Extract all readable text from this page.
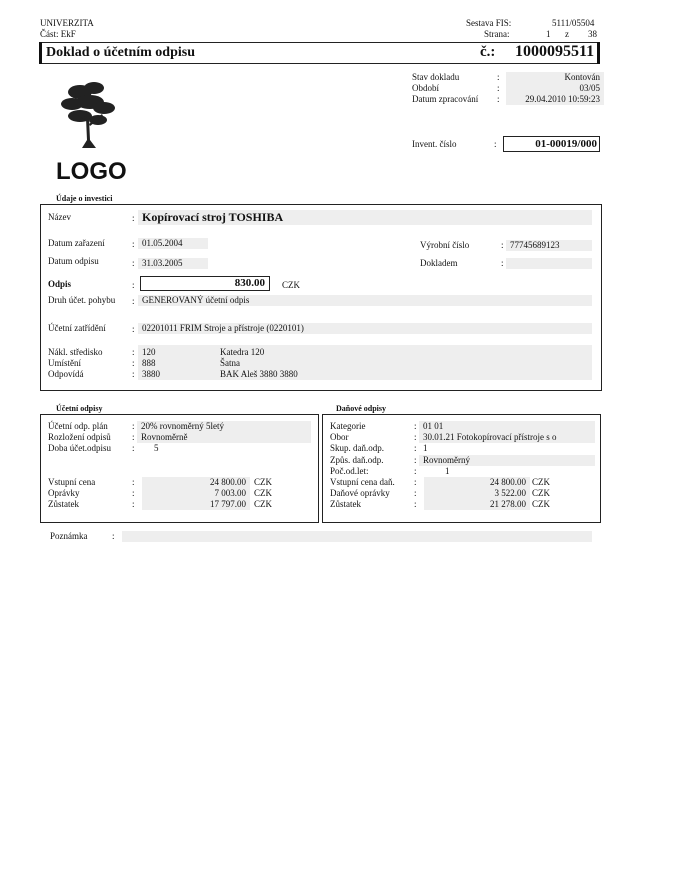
UNIVERZITA
Část: EkF
Sestava FIS:	5111/05504
Strana:	1 z 38
Doklad o účetním odpisu	č.: 1000095511
LOGO
Stav dokladu	:	Kontován
Období	:	03/05
Datum zpracování :	29.04.2010 10:59:23
Invent. číslo	:	01-00019/000
Údaje o investici
Název	: Kopírovací stroj TOSHIBA
Datum zařazení	: 01.05.2004	Výrobní číslo	: 77745689123
Datum odpisu	: 31.03.2005	Dokladem	:
Odpis	:	830.00	CZK
Druh účet. pohybu : GENEROVANÝ účetní odpis
Účetní zatřídění	: 02201011 FRIM Stroje a přístroje (0220101)
Nákl. středisko	: 120	Katedra 120
Umístění	: 888	Šatna
Odpovídá	: 3880	BAK Aleš 3880 3880
Účetní odpisy
Účetní odp. plán	: 20% rovnoměrný 5letý
Rozložení odpisů : Rovnoměrně
Doba účet.odpisu : 5
Vstupní cena	:	24 800.00 CZK
Oprávky	:	7 003.00 CZK
Zůstatek	:	17 797.00 CZK
Daňové odpisy
Kategorie	: 01 01
Obor	: 30.01.21 Fotokopírovací přístroje s o
Skup. daň.odp.	: 1
Způs. daň.odp.	: Rovnoměrný
Poč.od.let:	:	1
Vstupní cena daň. :	24 800.00 CZK
Daňové oprávky	:	3 522.00 CZK
Zůstatek	:	21 278.00 CZK
Poznámka	:
